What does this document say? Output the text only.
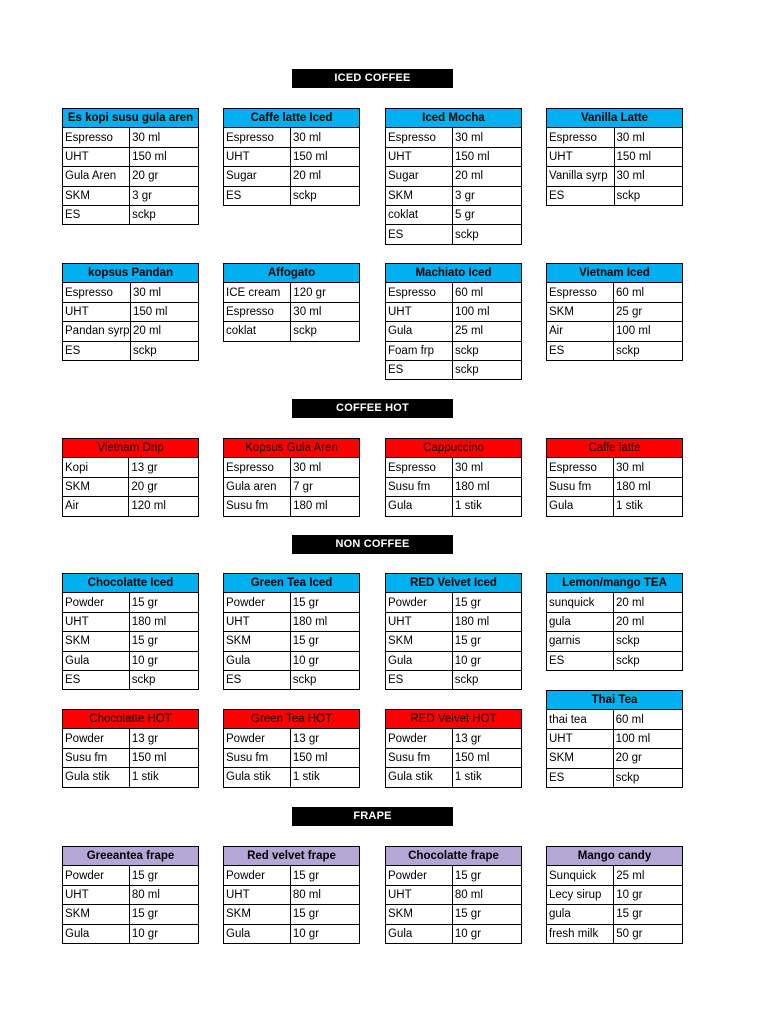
ICED COFFEE
COFFEE HOT
NON COFFEE
FRAPE
Es kopi susu gula aren	
Espresso	30 ml
UHT	150 ml
Gula Aren	20 gr
SKM	3 gr
ES	sckp
Caffe latte Iced	
Espresso	30 ml
UHT	150 ml
Sugar	20 ml
ES	sckp
Iced Mocha	
Espresso	30 ml
UHT	150 ml
Sugar	20 ml
SKM	3 gr
coklat	5 gr
ES	sckp
Vanilla Latte	
Espresso	30 ml
UHT	150 ml
Vanilla syrp	30 ml
ES	sckp
kopsus Pandan	
Espresso	30 ml
UHT	150 ml
Pandan syrp	20 ml
ES	sckp
Affogato	
ICE cream	120 gr
Espresso	30 ml
coklat	sckp
Machiato Iced	
Espresso	60 ml
UHT	100 ml
Gula	25 ml
Foam frp	sckp
ES	sckp
Vietnam Iced	
Espresso	60 ml
SKM	25 gr
Air	100 ml
ES	sckp
Vietnam Drip	
Kopi	13 gr
SKM	20 gr
Air	120 ml
Kopsus Gula Aren	
Espresso	30 ml
Gula aren	7 gr
Susu fm	180 ml
Cappuccino	
Espresso	30 ml
Susu fm	180 ml
Gula	1 stik
Caffe latte	
Espresso	30 ml
Susu fm	180 ml
Gula	1 stik
Chocolatte Iced	
Powder	15 gr
UHT	180 ml
SKM	15 gr
Gula	10 gr
ES	sckp
Green Tea Iced	
Powder	15 gr
UHT	180 ml
SKM	15 gr
Gula	10 gr
ES	sckp
RED Velvet Iced	
Powder	15 gr
UHT	180 ml
SKM	15 gr
Gula	10 gr
ES	sckp
Lemon/mango TEA	
sunquick	20 ml
gula	20 ml
garnis	sckp
ES	sckp
Chocolatte HOT	
Powder	13 gr
Susu fm	150 ml
Gula stik	1 stik
Green Tea HOT	
Powder	13 gr
Susu fm	150 ml
Gula stik	1 stik
RED Velvet HOT	
Powder	13 gr
Susu fm	150 ml
Gula stik	1 stik
Thai Tea	
thai tea	60 ml
UHT	100 ml
SKM	20 gr
ES	sckp
Greeantea frape	
Powder	15 gr
UHT	80 ml
SKM	15 gr
Gula	10 gr
Red velvet frape	
Powder	15 gr
UHT	80 ml
SKM	15 gr
Gula	10 gr
Chocolatte frape	
Powder	15 gr
UHT	80 ml
SKM	15 gr
Gula	10 gr
Mango candy	
Sunquick	25 ml
Lecy sirup	10 gr
gula	15 gr
fresh milk	50 gr
